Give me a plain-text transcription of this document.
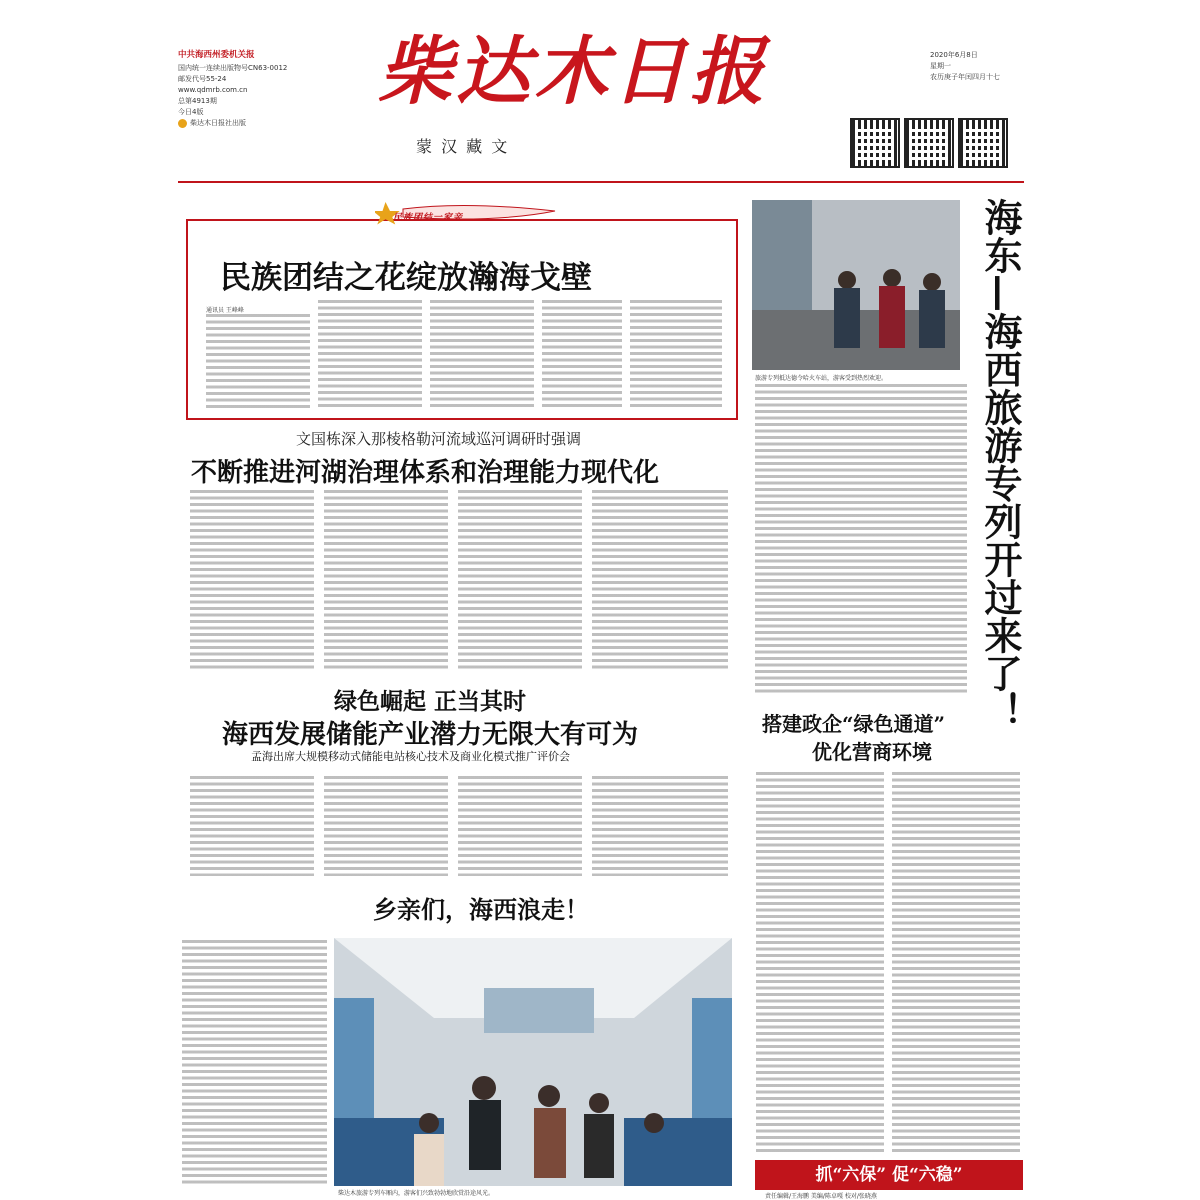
中共海西州委机关报
国内统一连续出版物号CN63-0012
邮发代号55-24
www.qdmrb.com.cn
总第4913期
今日4版
柴达木日报社出版
柴达木日报
蒙 汉 藏 文
2020年6月8日
星期一
农历庚子年闰四月十七
民族团结一家亲
民族团结之花绽放瀚海戈壁
通讯员 王峰峰
文国栋深入那棱格勒河流域巡河调研时强调
不断推进河湖治理体系和治理能力现代化
绿色崛起 正当其时
海西发展储能产业潜力无限大有可为
孟海出席大规模移动式储能电站核心技术及商业化模式推广评价会
乡亲们，海西浪走！
柴达木旅游专列车厢内，游客们兴致勃勃地欣赏沿途风光。
旅游专列抵达德令哈火车站，游客受到热烈欢迎。 海东—海西旅游专列开过来了！
搭建政企“绿色通道”
优化营商环境
抓“六保” 促“六稳”
责任编辑/王海鹏 美编/陈卓嘎 校对/张晓燕
